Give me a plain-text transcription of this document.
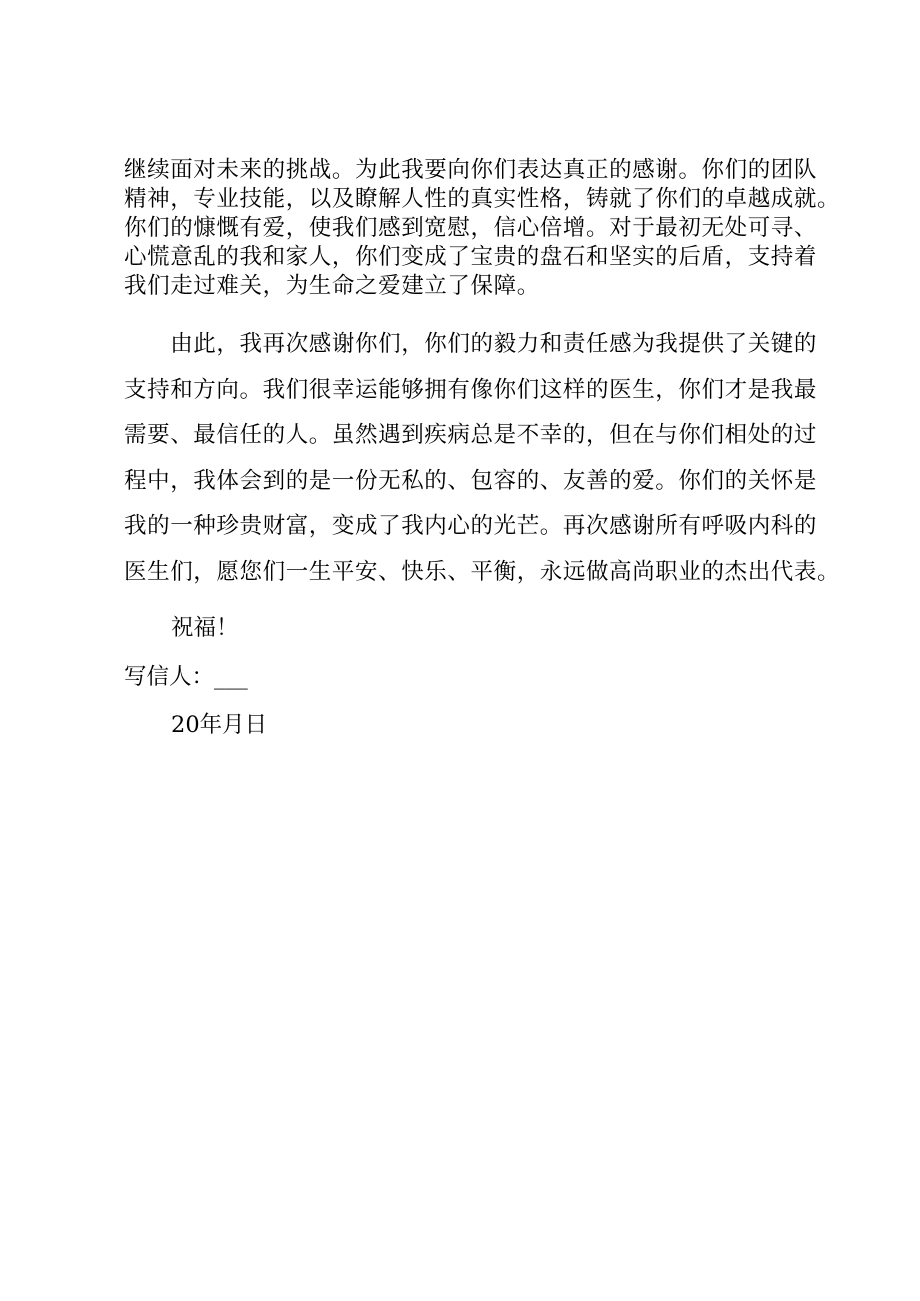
继续面对未来的挑战。为此我要向你们表达真正的感谢。你们的团队
精神，专业技能，以及瞭解人性的真实性格，铸就了你们的卓越成就。
你们的慷慨有爱，使我们感到宽慰，信心倍增。对于最初无处可寻、
心慌意乱的我和家人，你们变成了宝贵的盘石和坚实的后盾，支持着
我们走过难关，为生命之爱建立了保障。

　　由此，我再次感谢你们，你们的毅力和责任感为我提供了关键的
支持和方向。我们很幸运能够拥有像你们这样的医生，你们才是我最
需要、最信任的人。虽然遇到疾病总是不幸的，但在与你们相处的过
程中，我体会到的是一份无私的、包容的、友善的爱。你们的关怀是
我的一种珍贵财富，变成了我内心的光芒。再次感谢所有呼吸内科的
医生们，愿您们一生平安、快乐、平衡，永远做高尚职业的杰出代表。

祝福！

写信人：___

20年月日
